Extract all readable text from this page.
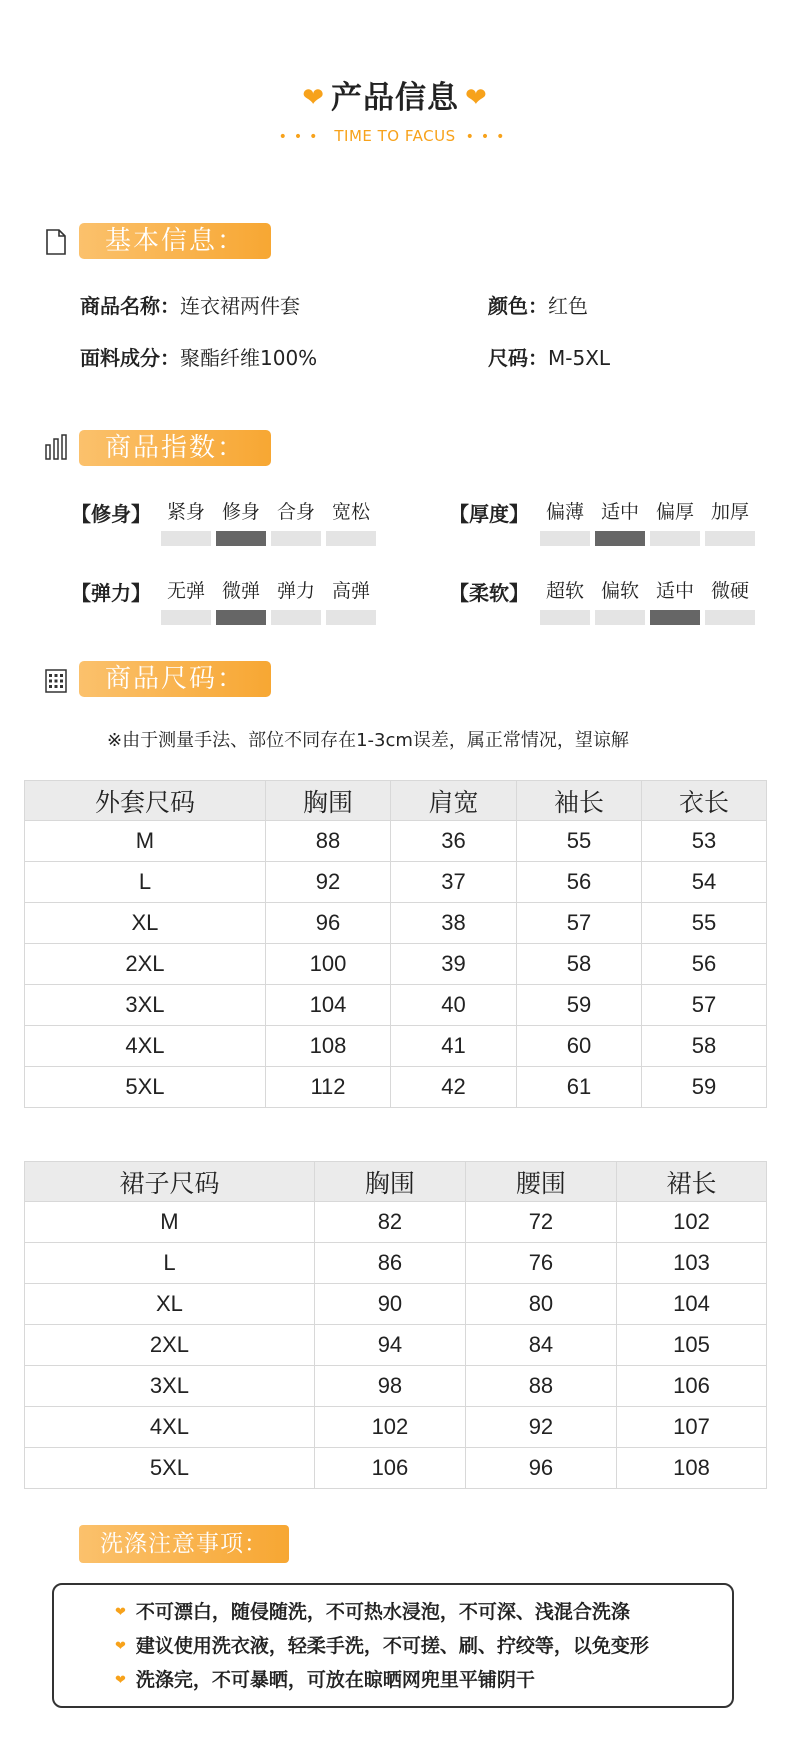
❤ 产品信息 ❤
••• TIME TO FACUS •••
基本信息：
商品名称：连衣裙两件套	颜色：红色
面料成分：聚酯纤维100%	尺码：M-5XL
商品指数：
【修身】 紧身 修身 合身 宽松	【厚度】 偏薄 适中 偏厚 加厚
【弹力】 无弹 微弹 弹力 高弹	【柔软】 超软 偏软 适中 微硬
商品尺码：
※由于测量手法、部位不同存在1-3cm误差，属正常情况，望谅解
外套尺码	胸围	肩宽	袖长	衣长
M	88	36	55	53
L	92	37	56	54
XL	96	38	57	55
2XL	100	39	58	56
3XL	104	40	59	57
4XL	108	41	60	58
5XL	112	42	61	59
裙子尺码	胸围	腰围	裙长
M	82	72	102
L	86	76	103
XL	90	80	104
2XL	94	84	105
3XL	98	88	106
4XL	102	92	107
5XL	106	96	108
洗涤注意事项：
❤ 不可漂白，随侵随洗，不可热水浸泡，不可深、浅混合洗涤
❤ 建议使用洗衣液，轻柔手洗，不可搓、刷、拧绞等，以免变形
❤ 洗涤完，不可暴晒，可放在晾晒网兜里平铺阴干
